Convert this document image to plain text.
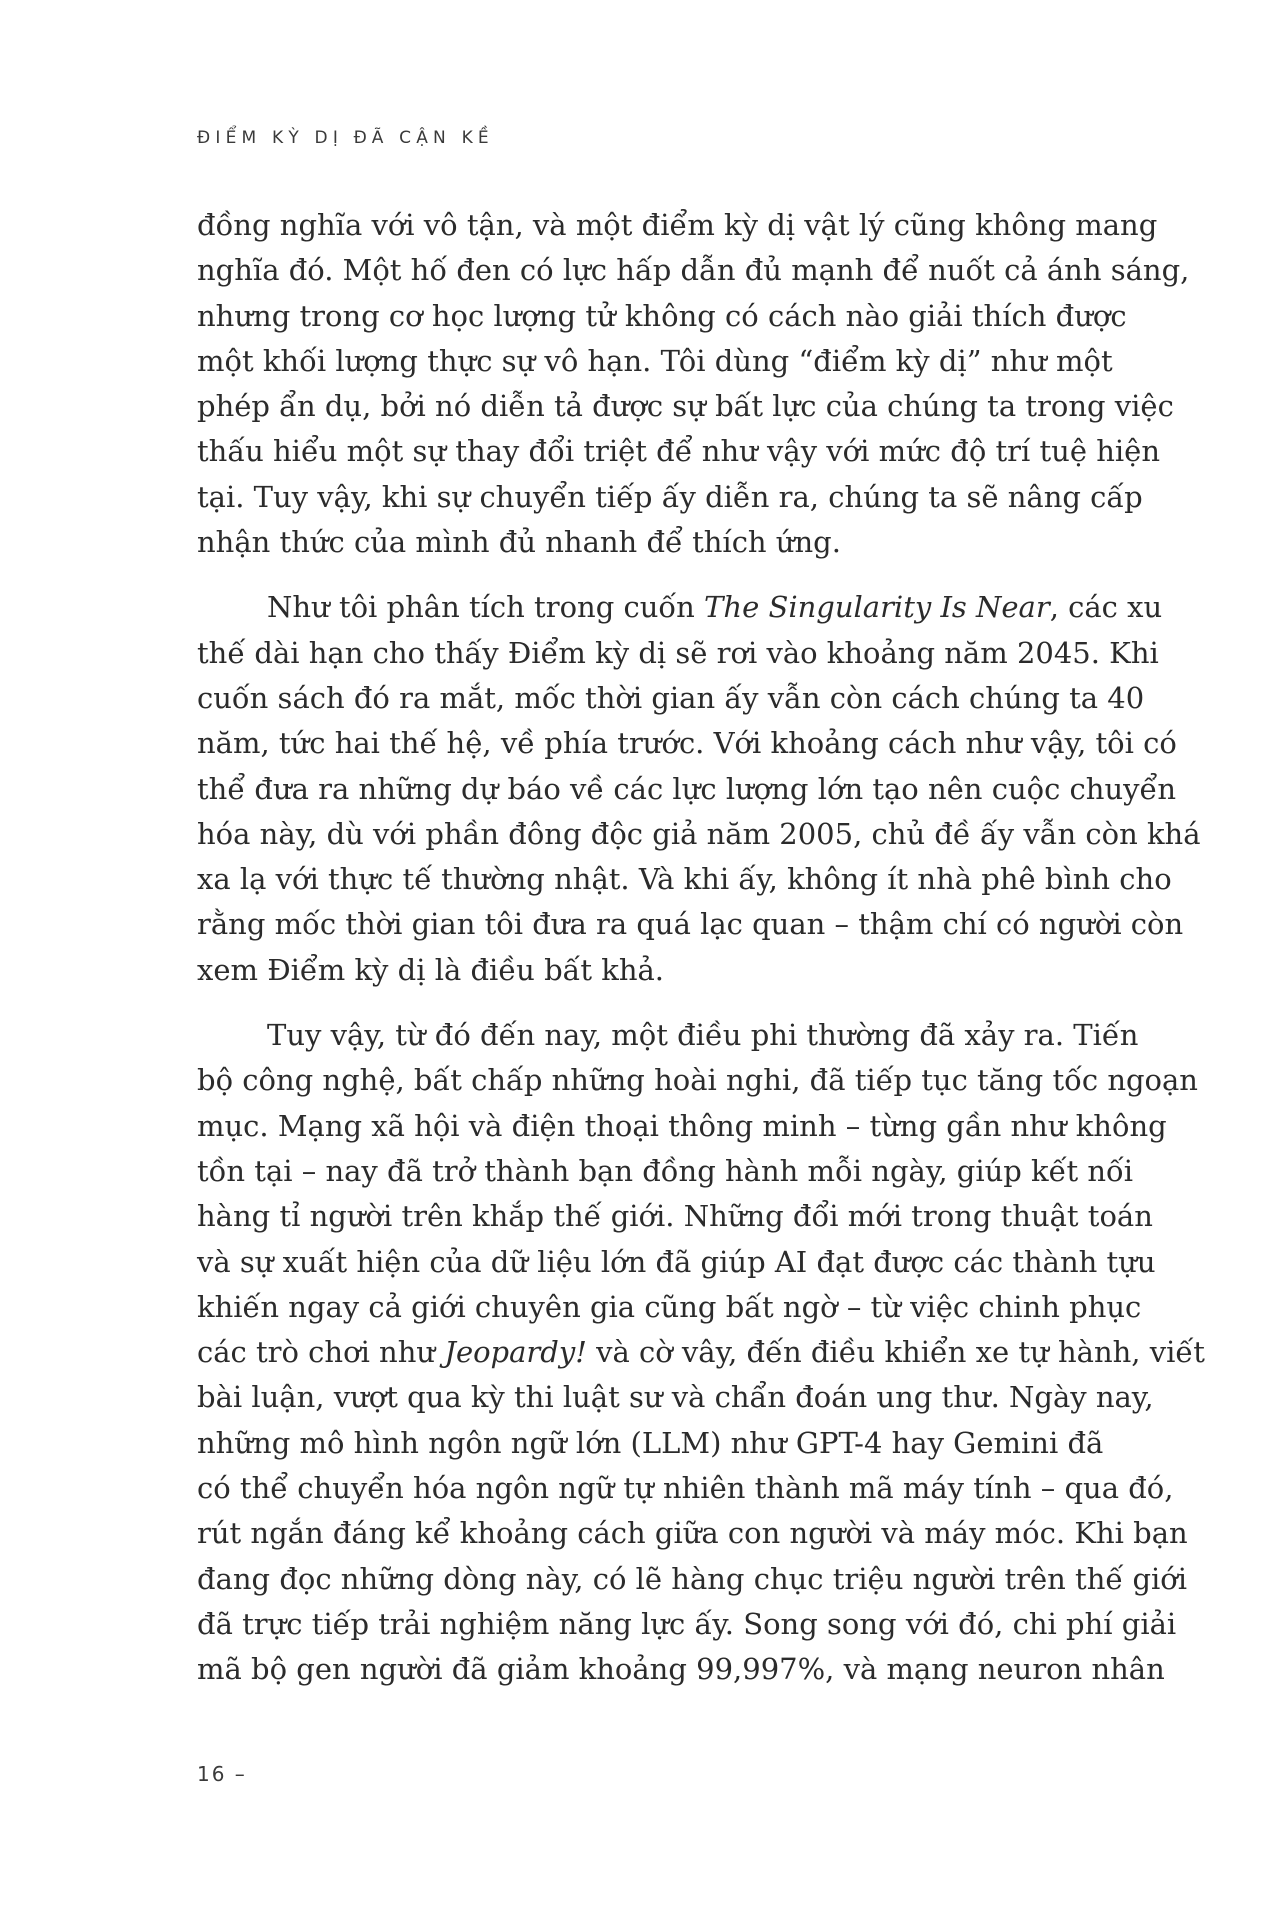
ĐIỂM KỲ DỊ ĐÃ CẬN KỀ

đồng nghĩa với vô tận, và một điểm kỳ dị vật lý cũng không mang
nghĩa đó. Một hố đen có lực hấp dẫn đủ mạnh để nuốt cả ánh sáng,
nhưng trong cơ học lượng tử không có cách nào giải thích được
một khối lượng thực sự vô hạn. Tôi dùng “điểm kỳ dị” như một
phép ẩn dụ, bởi nó diễn tả được sự bất lực của chúng ta trong việc
thấu hiểu một sự thay đổi triệt để như vậy với mức độ trí tuệ hiện
tại. Tuy vậy, khi sự chuyển tiếp ấy diễn ra, chúng ta sẽ nâng cấp
nhận thức của mình đủ nhanh để thích ứng.

Như tôi phân tích trong cuốn The Singularity Is Near, các xu
thế dài hạn cho thấy Điểm kỳ dị sẽ rơi vào khoảng năm 2045. Khi
cuốn sách đó ra mắt, mốc thời gian ấy vẫn còn cách chúng ta 40
năm, tức hai thế hệ, về phía trước. Với khoảng cách như vậy, tôi có
thể đưa ra những dự báo về các lực lượng lớn tạo nên cuộc chuyển
hóa này, dù với phần đông độc giả năm 2005, chủ đề ấy vẫn còn khá
xa lạ với thực tế thường nhật. Và khi ấy, không ít nhà phê bình cho
rằng mốc thời gian tôi đưa ra quá lạc quan – thậm chí có người còn
xem Điểm kỳ dị là điều bất khả.

Tuy vậy, từ đó đến nay, một điều phi thường đã xảy ra. Tiến
bộ công nghệ, bất chấp những hoài nghi, đã tiếp tục tăng tốc ngoạn
mục. Mạng xã hội và điện thoại thông minh – từng gần như không
tồn tại – nay đã trở thành bạn đồng hành mỗi ngày, giúp kết nối
hàng tỉ người trên khắp thế giới. Những đổi mới trong thuật toán
và sự xuất hiện của dữ liệu lớn đã giúp AI đạt được các thành tựu
khiến ngay cả giới chuyên gia cũng bất ngờ – từ việc chinh phục
các trò chơi như Jeopardy! và cờ vây, đến điều khiển xe tự hành, viết
bài luận, vượt qua kỳ thi luật sư và chẩn đoán ung thư. Ngày nay,
những mô hình ngôn ngữ lớn (LLM) như GPT-4 hay Gemini đã
có thể chuyển hóa ngôn ngữ tự nhiên thành mã máy tính – qua đó,
rút ngắn đáng kể khoảng cách giữa con người và máy móc. Khi bạn
đang đọc những dòng này, có lẽ hàng chục triệu người trên thế giới
đã trực tiếp trải nghiệm năng lực ấy. Song song với đó, chi phí giải
mã bộ gen người đã giảm khoảng 99,997%, và mạng neuron nhân

16 –
